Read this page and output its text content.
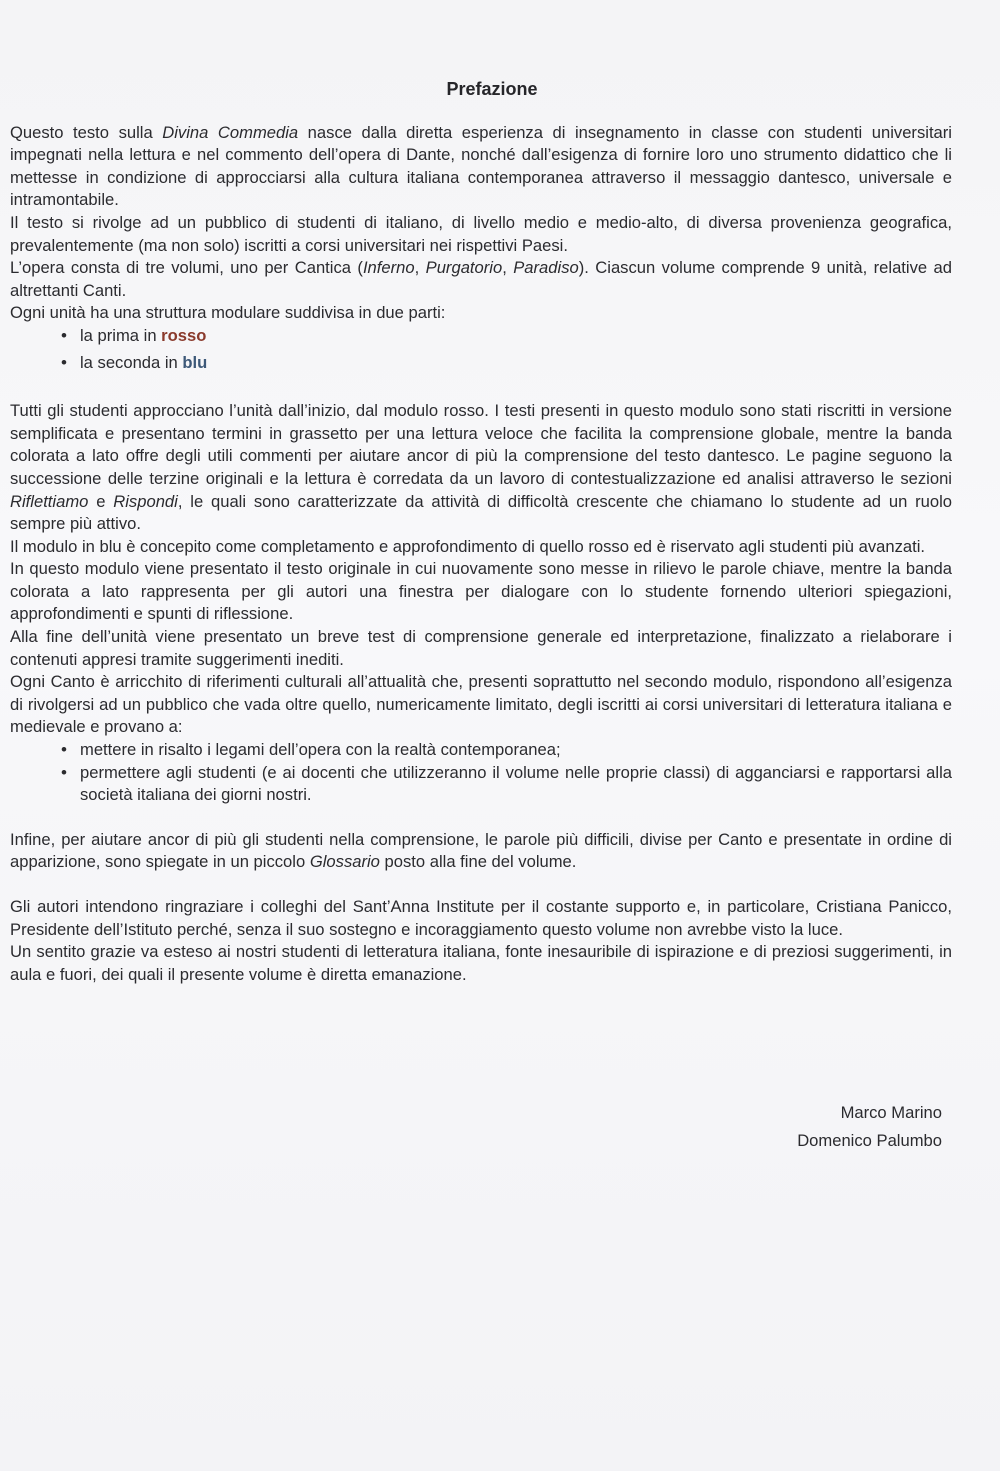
Prefazione

Questo testo sulla Divina Commedia nasce dalla diretta esperienza di insegnamento in classe con studenti universitari impegnati nella lettura e nel commento dell’opera di Dante, nonché dall’esigenza di fornire loro uno strumento didattico che li mettesse in condizione di approcciarsi alla cultura italiana contemporanea attraverso il messaggio dantesco, universale e intramontabile.

Il testo si rivolge ad un pubblico di studenti di italiano, di livello medio e medio-alto, di diversa provenienza geografica, prevalentemente (ma non solo) iscritti a corsi universitari nei rispettivi Paesi.

L’opera consta di tre volumi, uno per Cantica (Inferno, Purgatorio, Paradiso). Ciascun volume comprende 9 unità, relative ad altrettanti Canti.

Ogni unità ha una struttura modulare suddivisa in due parti:

• la prima in rosso
• la seconda in blu

Tutti gli studenti approcciano l’unità dall’inizio, dal modulo rosso. I testi presenti in questo modulo sono stati riscritti in versione semplificata e presentano termini in grassetto per una lettura veloce che facilita la comprensione globale, mentre la banda colorata a lato offre degli utili commenti per aiutare ancor di più la comprensione del testo dantesco. Le pagine seguono la successione delle terzine originali e la lettura è corredata da un lavoro di contestualizzazione ed analisi attraverso le sezioni Riflettiamo e Rispondi, le quali sono caratterizzate da attività di difficoltà crescente che chiamano lo studente ad un ruolo sempre più attivo.

Il modulo in blu è concepito come completamento e approfondimento di quello rosso ed è riservato agli studenti più avanzati.

In questo modulo viene presentato il testo originale in cui nuovamente sono messe in rilievo le parole chiave, mentre la banda colorata a lato rappresenta per gli autori una finestra per dialogare con lo studente fornendo ulteriori spiegazioni, approfondimenti e spunti di riflessione.

Alla fine dell’unità viene presentato un breve test di comprensione generale ed interpretazione, finalizzato a rielaborare i contenuti appresi tramite suggerimenti inediti.

Ogni Canto è arricchito di riferimenti culturali all’attualità che, presenti soprattutto nel secondo modulo, rispondono all’esigenza di rivolgersi ad un pubblico che vada oltre quello, numericamente limitato, degli iscritti ai corsi universitari di letteratura italiana e medievale e provano a:

• mettere in risalto i legami dell’opera con la realtà contemporanea;
• permettere agli studenti (e ai docenti che utilizzeranno il volume nelle proprie classi) di agganciarsi e rapportarsi alla società italiana dei giorni nostri.

Infine, per aiutare ancor di più gli studenti nella comprensione, le parole più difficili, divise per Canto e presentate in ordine di apparizione, sono spiegate in un piccolo Glossario posto alla fine del volume.

Gli autori intendono ringraziare i colleghi del Sant’Anna Institute per il costante supporto e, in particolare, Cristiana Panicco, Presidente dell’Istituto perché, senza il suo sostegno e incoraggiamento questo volume non avrebbe visto la luce.

Un sentito grazie va esteso ai nostri studenti di letteratura italiana, fonte inesauribile di ispirazione e di preziosi suggerimenti, in aula e fuori, dei quali il presente volume è diretta emanazione.

Marco Marino
Domenico Palumbo
